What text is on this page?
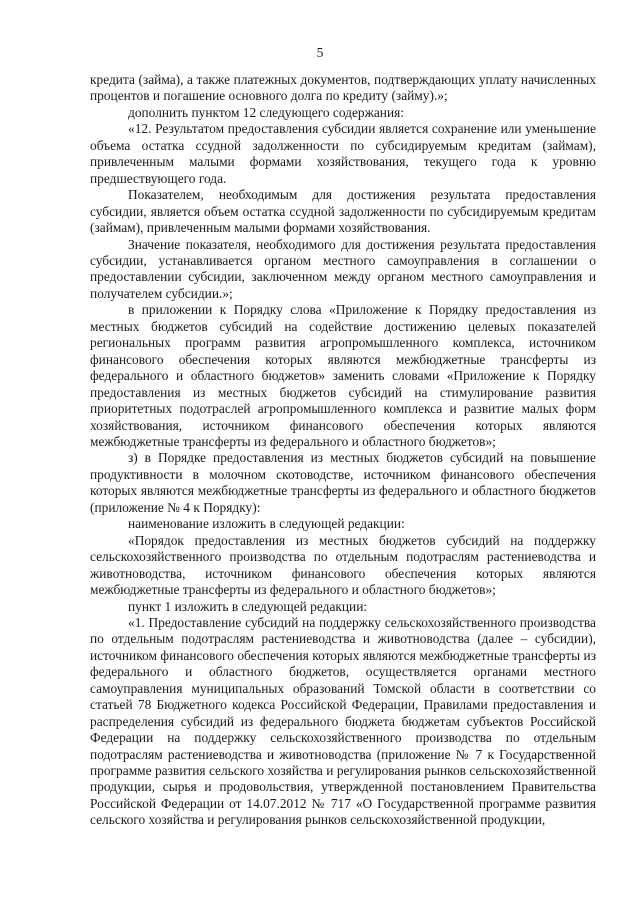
5

кредита (займа), а также платежных документов, подтверждающих уплату начисленных процентов и погашение основного долга по кредиту (займу).»;

дополнить пунктом 12 следующего содержания:

«12. Результатом предоставления субсидии является сохранение или уменьшение объема остатка ссудной задолженности по субсидируемым кредитам (займам), привлеченным малыми формами хозяйствования, текущего года к уровню предшествующего года.

Показателем, необходимым для достижения результата предоставления субсидии, является объем остатка ссудной задолженности по субсидируемым кредитам (займам), привлеченным малыми формами хозяйствования.

Значение показателя, необходимого для достижения результата предоставления субсидии, устанавливается органом местного самоуправления в соглашении о предоставлении субсидии, заключенном между органом местного самоуправления и получателем субсидии.»;

в приложении к Порядку слова «Приложение к Порядку предоставления из местных бюджетов субсидий на содействие достижению целевых показателей региональных программ развития агропромышленного комплекса, источником финансового обеспечения которых являются межбюджетные трансферты из федерального и областного бюджетов» заменить словами «Приложение к Порядку предоставления из местных бюджетов субсидий на стимулирование развития приоритетных подотраслей агропромышленного комплекса и развитие малых форм хозяйствования, источником финансового обеспечения которых являются межбюджетные трансферты из федерального и областного бюджетов»;

з) в Порядке предоставления из местных бюджетов субсидий на повышение продуктивности в молочном скотоводстве, источником финансового обеспечения которых являются межбюджетные трансферты из федерального и областного бюджетов (приложение № 4 к Порядку):

наименование изложить в следующей редакции:

«Порядок предоставления из местных бюджетов субсидий на поддержку сельскохозяйственного производства по отдельным подотраслям растениеводства и животноводства, источником финансового обеспечения которых являются межбюджетные трансферты из федерального и областного бюджетов»;

пункт 1 изложить в следующей редакции:

«1. Предоставление субсидий на поддержку сельскохозяйственного производства по отдельным подотраслям растениеводства и животноводства (далее – субсидии), источником финансового обеспечения которых являются межбюджетные трансферты из федерального и областного бюджетов, осуществляется органами местного самоуправления муниципальных образований Томской области в соответствии со статьей 78 Бюджетного кодекса Российской Федерации, Правилами предоставления и распределения субсидий из федерального бюджета бюджетам субъектов Российской Федерации на поддержку сельскохозяйственного производства по отдельным подотраслям растениеводства и животноводства (приложение № 7 к Государственной программе развития сельского хозяйства и регулирования рынков сельскохозяйственной продукции, сырья и продовольствия, утвержденной постановлением Правительства Российской Федерации от 14.07.2012 № 717 «О Государственной программе развития сельского хозяйства и регулирования рынков сельскохозяйственной продукции,
